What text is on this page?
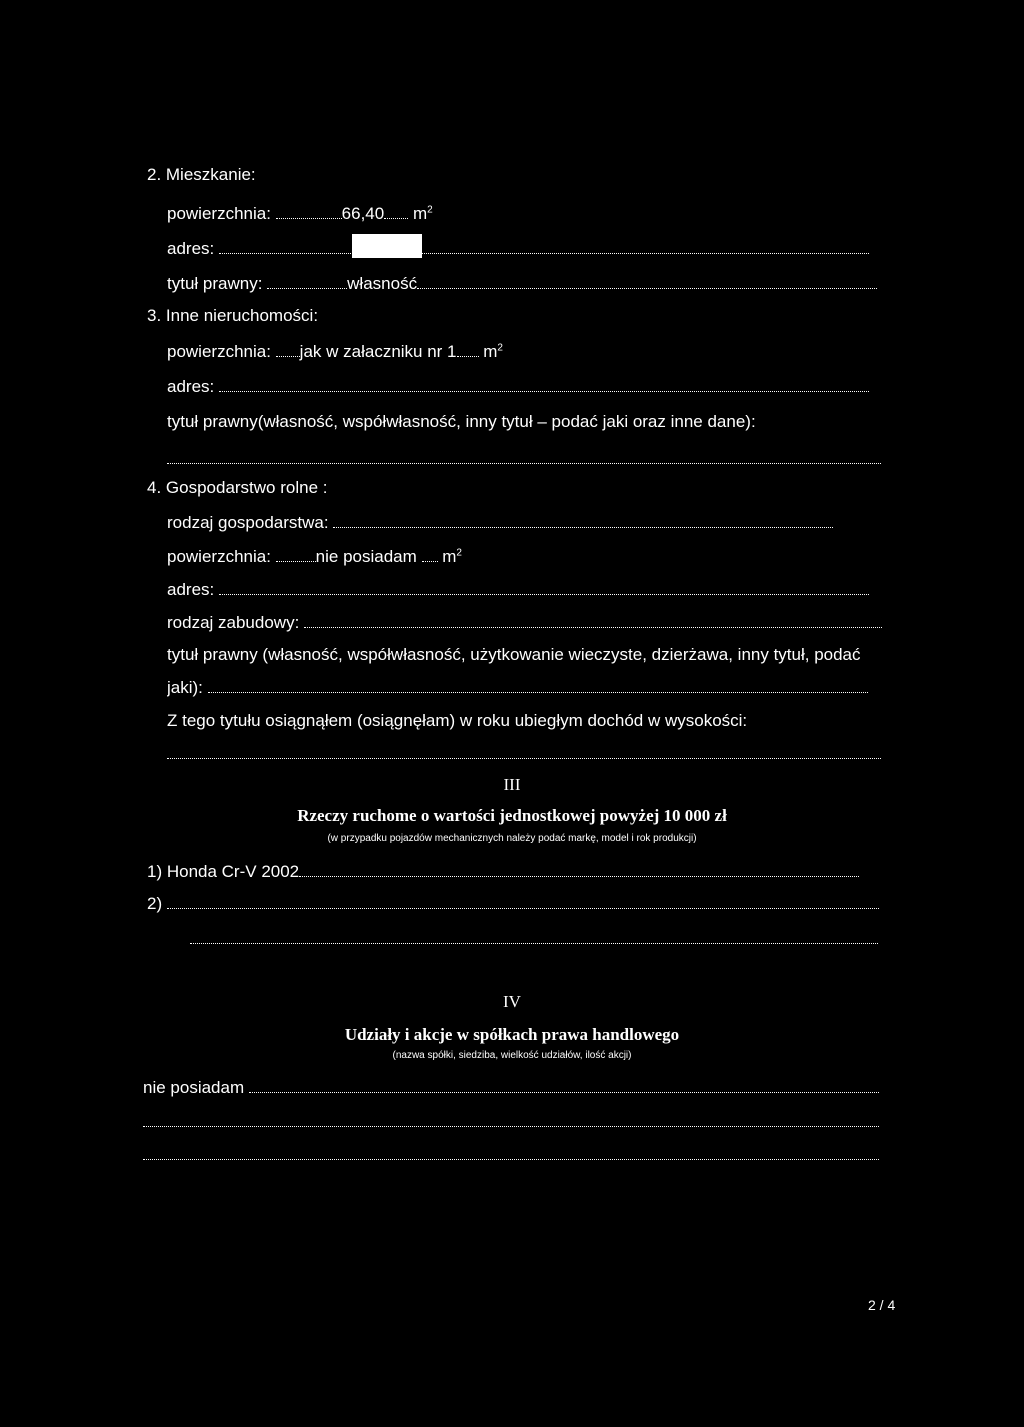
2. Mieszkanie:
powierzchnia:	66,40 $m^2$
adres:
tytuł prawny:	własność
3. Inne nieruchomości:
powierzchnia: jak w załaczniku nr 1 $m^2$
adres:
tytuł prawny(własność, współwłasność, inny tytuł – podać jaki oraz inne dane):
4. Gospodarstwo rolne :
rodzaj gospodarstwa:
powierzchnia: nie posiadam  $m^2$
adres:
rodzaj zabudowy:
tytuł prawny (własność, współwłasność, użytkowanie wieczyste, dzierżawa, inny tytuł, podać
jaki):
Z tego tytułu osiągnąłem (osiągnęłam) w roku ubiegłym dochód w wysokości:
III
Rzeczy ruchome o wartości jednostkowej powyżej 10 000 zł
(w przypadku pojazdów mechanicznych należy podać markę, model i rok produkcji)
1) Honda Cr-V 2002
2)
IV
Udziały i akcje w spółkach prawa handlowego
(nazwa spółki, siedziba, wielkość udziałów, ilość akcji)
nie posiadam
2 / 4
